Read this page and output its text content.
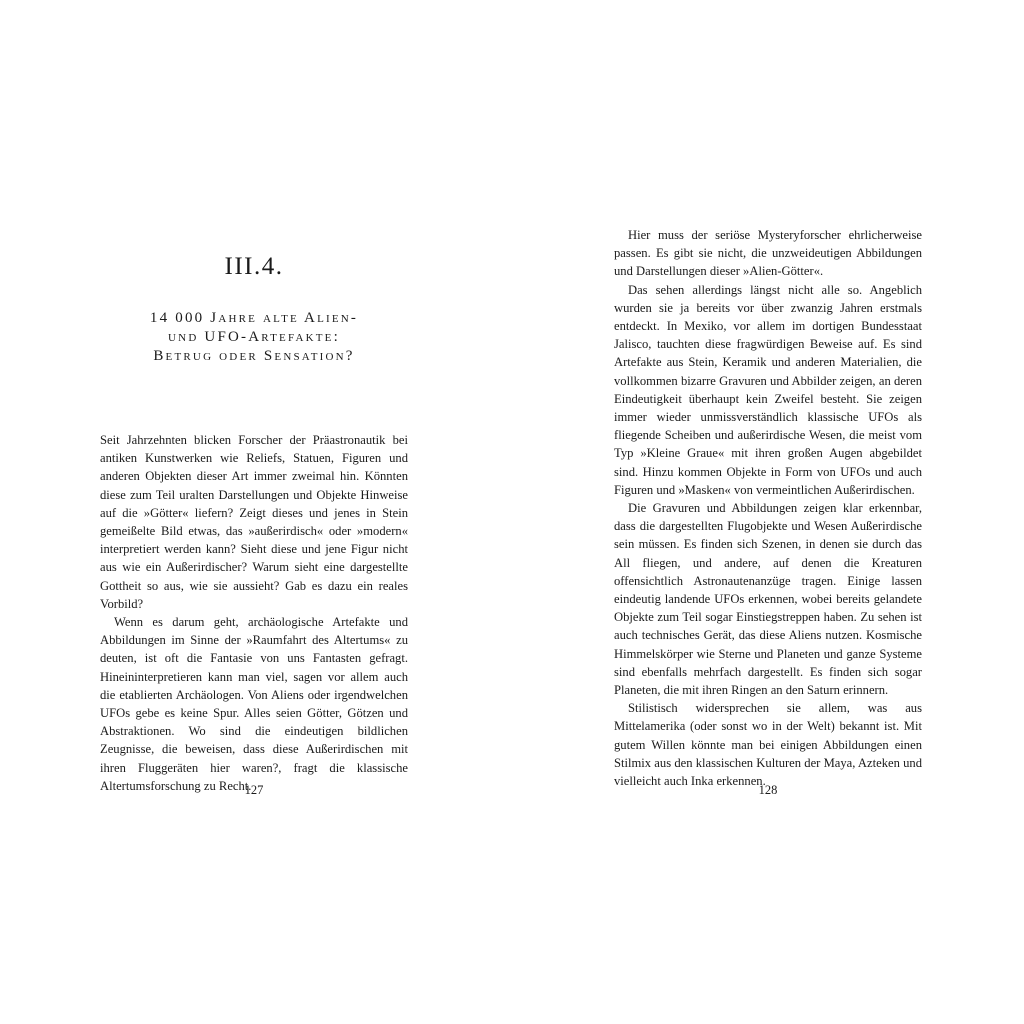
III.4.
14 000 Jahre alte Alien-
und UFO-Artefakte:
Betrug oder Sensation?

Seit Jahrzehnten blicken Forscher der Präastronautik bei antiken Kunstwerken wie Reliefs, Statuen, Figuren und anderen Objekten dieser Art immer zweimal hin. Könnten diese zum Teil uralten Darstellungen und Objekte Hinweise auf die »Götter« liefern? Zeigt dieses und jenes in Stein gemeißelte Bild etwas, das »außerirdisch« oder »modern« interpretiert werden kann? Sieht diese und jene Figur nicht aus wie ein Außerirdischer? Warum sieht eine dargestellte Gottheit so aus, wie sie aussieht? Gab es dazu ein reales Vorbild?

Wenn es darum geht, archäologische Artefakte und Abbildungen im Sinne der »Raumfahrt des Altertums« zu deuten, ist oft die Fantasie von uns Fantasten gefragt. Hineininterpretieren kann man viel, sagen vor allem auch die etablierten Archäologen. Von Aliens oder irgendwelchen UFOs gebe es keine Spur. Alles seien Götter, Götzen und Abstraktionen. Wo sind die eindeutigen bildlichen Zeugnisse, die beweisen, dass diese Außerirdischen mit ihren Fluggeräten hier waren?, fragt die klassische Altertumsforschung zu Recht.

127

Hier muss der seriöse Mysteryforscher ehrlicherweise passen. Es gibt sie nicht, die unzweideutigen Abbildungen und Darstellungen dieser »Alien-Götter«.

Das sehen allerdings längst nicht alle so. Angeblich wurden sie ja bereits vor über zwanzig Jahren erstmals entdeckt. In Mexiko, vor allem im dortigen Bundesstaat Jalisco, tauchten diese fragwürdigen Beweise auf. Es sind Artefakte aus Stein, Keramik und anderen Materialien, die vollkommen bizarre Gravuren und Abbilder zeigen, an deren Eindeutigkeit überhaupt kein Zweifel besteht. Sie zeigen immer wieder unmissverständlich klassische UFOs als fliegende Scheiben und außerirdische Wesen, die meist vom Typ »Kleine Graue« mit ihren großen Augen abgebildet sind. Hinzu kommen Objekte in Form von UFOs und auch Figuren und »Masken« von vermeintlichen Außerirdischen.

Die Gravuren und Abbildungen zeigen klar erkennbar, dass die dargestellten Flugobjekte und Wesen Außerirdische sein müssen. Es finden sich Szenen, in denen sie durch das All fliegen, und andere, auf denen die Kreaturen offensichtlich Astronautenanzüge tragen. Einige lassen eindeutig landende UFOs erkennen, wobei bereits gelandete Objekte zum Teil sogar Einstiegstreppen haben. Zu sehen ist auch technisches Gerät, das diese Aliens nutzen. Kosmische Himmelskörper wie Sterne und Planeten und ganze Systeme sind ebenfalls mehrfach dargestellt. Es finden sich sogar Planeten, die mit ihren Ringen an den Saturn erinnern.

Stilistisch widersprechen sie allem, was aus Mittelamerika (oder sonst wo in der Welt) bekannt ist. Mit gutem Willen könnte man bei einigen Abbildungen einen Stilmix aus den klassischen Kulturen der Maya, Azteken und vielleicht auch Inka erkennen.

128
